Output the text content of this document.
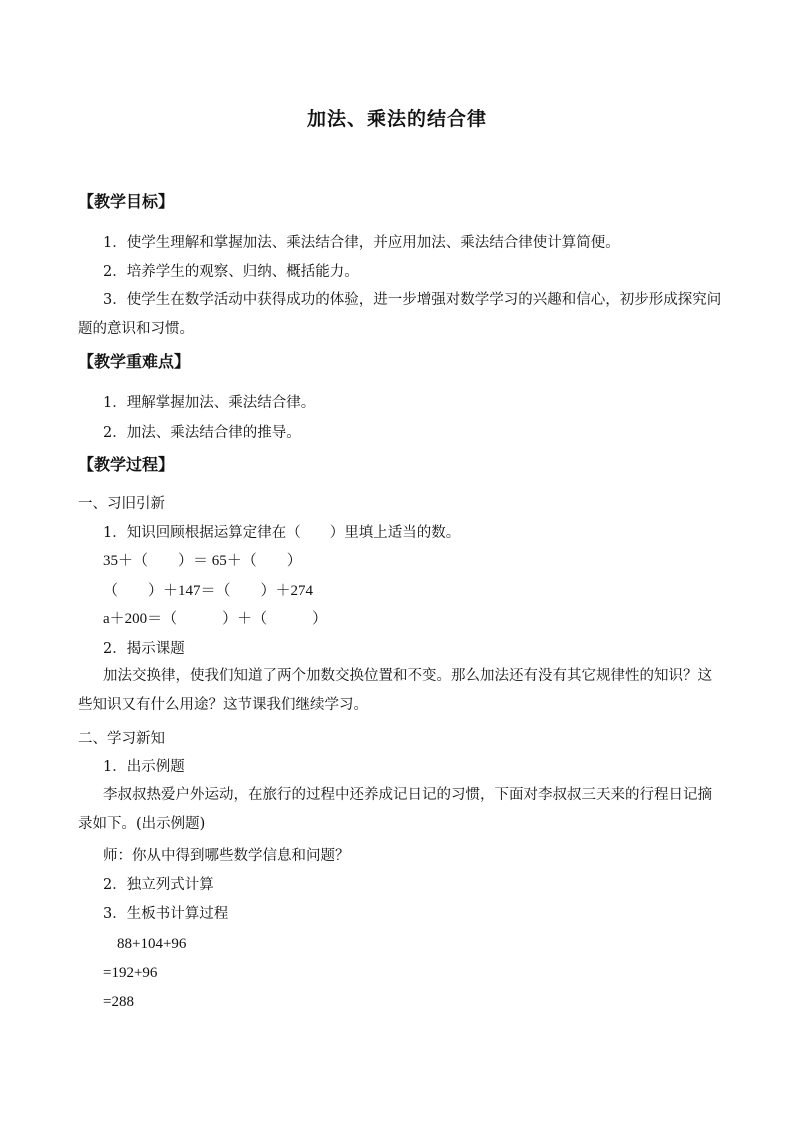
加法、乘法的结合律
【教学目标】
1．使学生理解和掌握加法、乘法结合律，并应用加法、乘法结合律使计算简便。
2．培养学生的观察、归纳、概括能力。
3．使学生在数学活动中获得成功的体验，进一步增强对数学学习的兴趣和信心，初步形成探究问题的意识和习惯。
【教学重难点】
1．理解掌握加法、乘法结合律。
2．加法、乘法结合律的推导。
【教学过程】
一、习旧引新
1．知识回顾根据运算定律在（　　）里填上适当的数。
35＋（　　）＝ 65＋（　　）
（　　）＋147＝（　　）＋274
a＋200＝（　　　）＋（　　　）
2．揭示课题
加法交换律，使我们知道了两个加数交换位置和不变。那么加法还有没有其它规律性的知识？这些知识又有什么用途？这节课我们继续学习。
二、学习新知
1．出示例题
李叔叔热爱户外运动，在旅行的过程中还养成记日记的习惯，下面对李叔叔三天来的行程日记摘录如下。(出示例题)
师：你从中得到哪些数学信息和问题？
2．独立列式计算
3．生板书计算过程
88+104+96
=192+96
=288
